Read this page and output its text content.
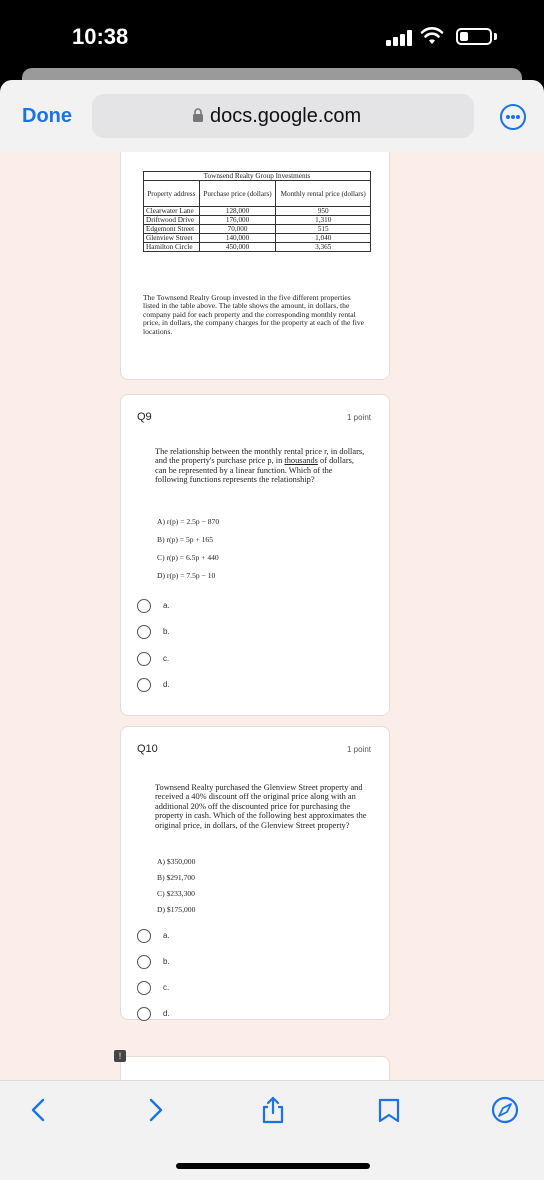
10:38
Done	docs.google.com
Townsend Realty Group Investments		
Property address	Purchase price (dollars)	Monthly rental price (dollars)
Clearwater Lane	128,000	950
Driftwood Drive	176,000	1,310
Edgemont Street	70,000	515
Glenview Street	140,000	1,040
Hamilton Circle	450,000	3,365
The Townsend Realty Group invested in the five different properties listed in the table above. The table shows the amount, in dollars, the company paid for each property and the corresponding monthly rental price, in dollars, the company charges for the property at each of the five locations.
Q9	1 point
The relationship between the monthly rental price r, in dollars, and the property's purchase price p, in thousands of dollars, can be represented by a linear function. Which of the following functions represents the relationship?
A) r(p) = 2.5p − 870
B) r(p) = 5p + 165
C) r(p) = 6.5p + 440
D) r(p) = 7.5p − 10
a.
b.
c.
d.
Q10	1 point
Townsend Realty purchased the Glenview Street property and received a 40% discount off the original price along with an additional 20% off the discounted price for purchasing the property in cash. Which of the following best approximates the original price, in dollars, of the Glenview Street property?
A) $350,000
B) $291,700
C) $233,300
D) $175,000
a.
b.
c.
d.
!
